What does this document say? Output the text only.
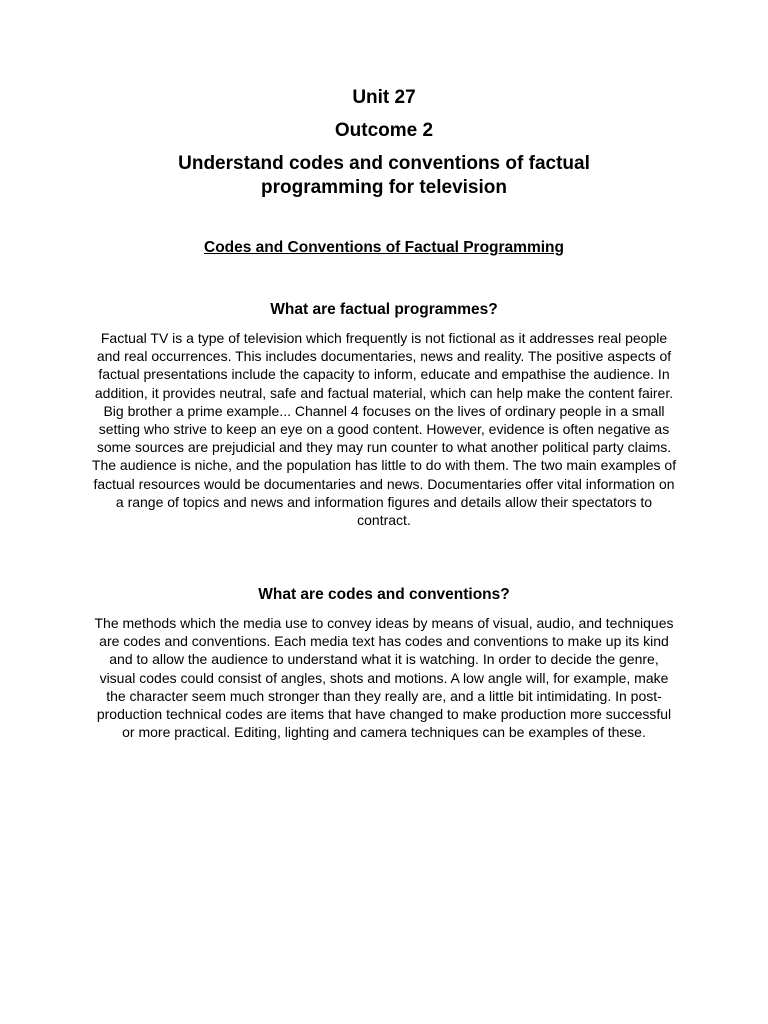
Unit 27
Outcome 2
Understand codes and conventions of factual programming for television
Codes and Conventions of Factual Programming
What are factual programmes?
Factual TV is a type of television which frequently is not fictional as it addresses real people and real occurrences. This includes documentaries, news and reality. The positive aspects of factual presentations include the capacity to inform, educate and empathise the audience. In addition, it provides neutral, safe and factual material, which can help make the content fairer. Big brother a prime example... Channel 4 focuses on the lives of ordinary people in a small setting who strive to keep an eye on a good content. However, evidence is often negative as some sources are prejudicial and they may run counter to what another political party claims. The audience is niche, and the population has little to do with them. The two main examples of factual resources would be documentaries and news. Documentaries offer vital information on a range of topics and news and information figures and details allow their spectators to contract.
What are codes and conventions?
The methods which the media use to convey ideas by means of visual, audio, and techniques are codes and conventions. Each media text has codes and conventions to make up its kind and to allow the audience to understand what it is watching. In order to decide the genre, visual codes could consist of angles, shots and motions. A low angle will, for example, make the character seem much stronger than they really are, and a little bit intimidating. In post-production technical codes are items that have changed to make production more successful or more practical. Editing, lighting and camera techniques can be examples of these.
